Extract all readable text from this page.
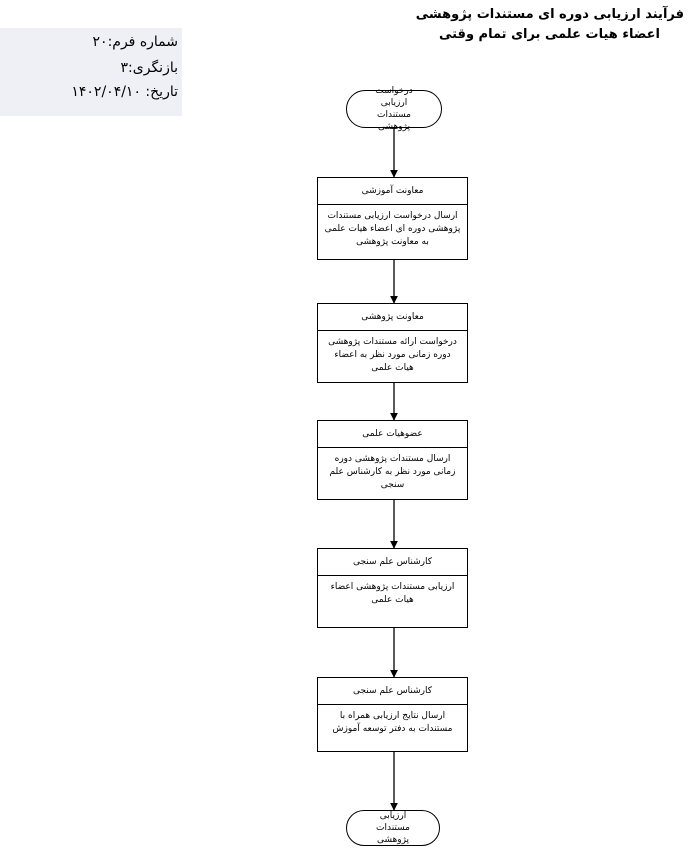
فرآیند ارزیابی دوره ای مستندات پژوهشی
اعضاء هیات علمی برای تمام وقتی
شماره فرم:۲۰
بازنگری:۳
تاریخ: ۱۴۰۲/۰۴/۱۰	درخواست ارزیابی مستندات پژوهشی
معاونت آموزشی
ارسال درخواست ارزیابی مستندات پژوهشی دوره ای اعضاء هیات علمی به معاونت پژوهشی
معاونت پژوهشی
درخواست ارائه مستندات پژوهشی دوره زمانی مورد نظر به اعضاء هیات علمی
عضوهیات علمی
ارسال مستندات پژوهشی دوره زمانی مورد نظر به کارشناس علم سنجی
کارشناس علم سنجی
ارزیابی مستندات پژوهشی اعضاء هیات علمی
کارشناس علم سنجی
ارسال نتایج ارزیابی همراه با مستندات به دفتر توسعه آموزش
ارزیابی مستندات پژوهشی
